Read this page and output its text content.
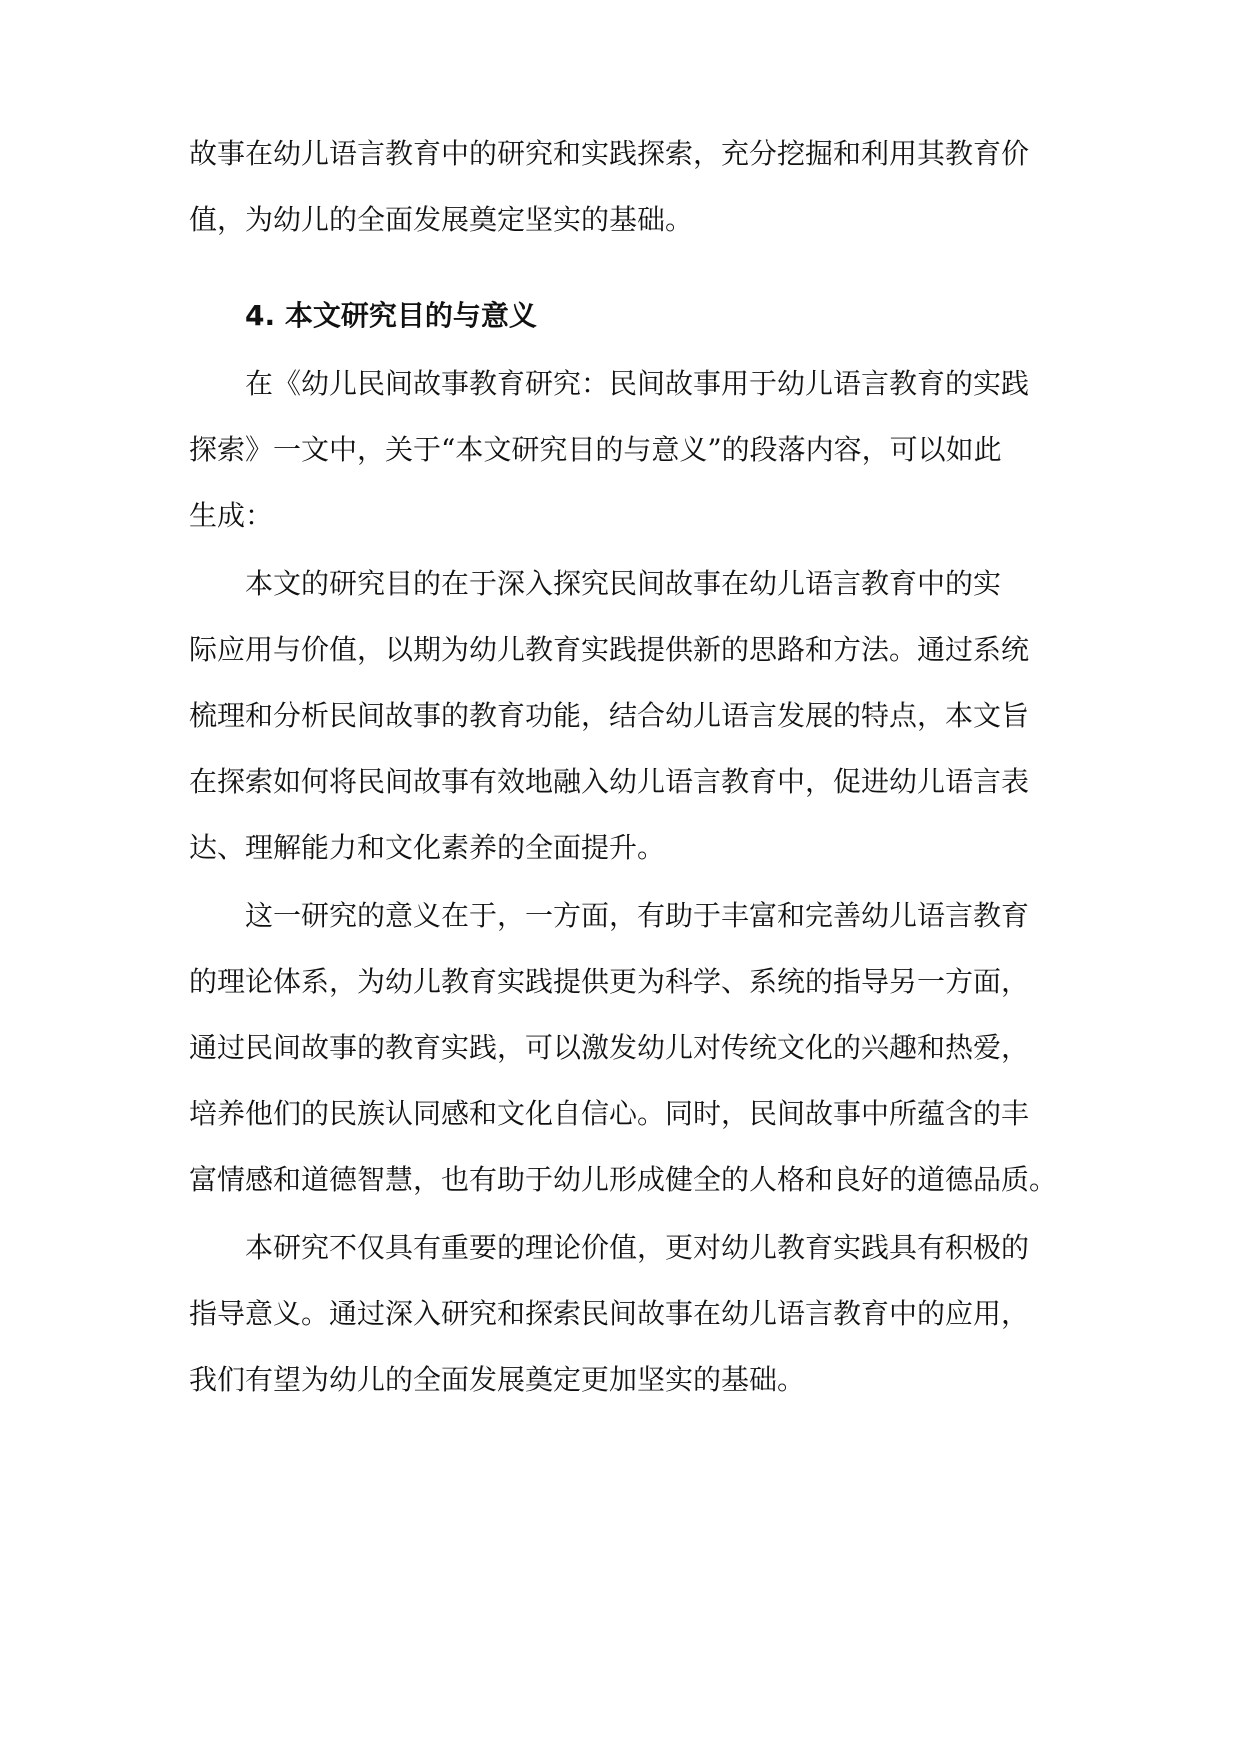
故事在幼儿语言教育中的研究和实践探索，充分挖掘和利用其教育价
值，为幼儿的全面发展奠定坚实的基础。
4. 本文研究目的与意义
在《幼儿民间故事教育研究：民间故事用于幼儿语言教育的实践
探索》一文中，关于“本文研究目的与意义”的段落内容，可以如此
生成：
本文的研究目的在于深入探究民间故事在幼儿语言教育中的实
际应用与价值，以期为幼儿教育实践提供新的思路和方法。通过系统
梳理和分析民间故事的教育功能，结合幼儿语言发展的特点，本文旨
在探索如何将民间故事有效地融入幼儿语言教育中，促进幼儿语言表
达、理解能力和文化素养的全面提升。
这一研究的意义在于，一方面，有助于丰富和完善幼儿语言教育
的理论体系，为幼儿教育实践提供更为科学、系统的指导另一方面，
通过民间故事的教育实践，可以激发幼儿对传统文化的兴趣和热爱，
培养他们的民族认同感和文化自信心。同时，民间故事中所蕴含的丰
富情感和道德智慧，也有助于幼儿形成健全的人格和良好的道德品质。
本研究不仅具有重要的理论价值，更对幼儿教育实践具有积极的
指导意义。通过深入研究和探索民间故事在幼儿语言教育中的应用，
我们有望为幼儿的全面发展奠定更加坚实的基础。
